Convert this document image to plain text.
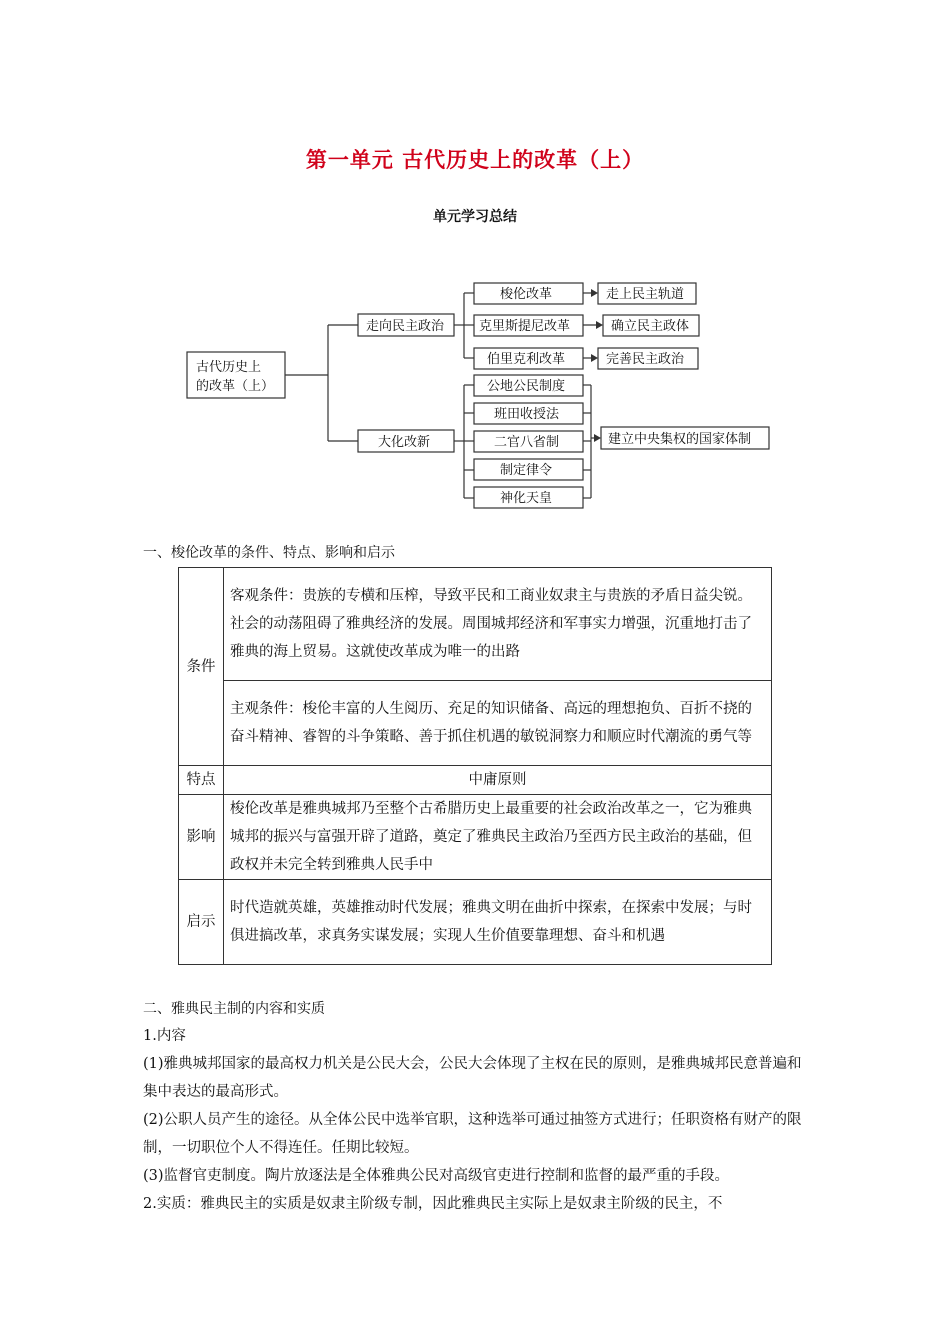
第一单元 古代历史上的改革（上）
单元学习总结
古代历史上
的改革（上）
走向民主政治
梭伦改革
克里斯提尼改革
伯里克利改革
走上民主轨道
确立民主政体
完善民主政治
大化改新
公地公民制度
班田收授法
二官八省制
制定律令
神化天皇
建立中央集权的国家体制
一、梭伦改革的条件、特点、影响和启示
条件	客观条件：贵族的专横和压榨，导致平民和工商业奴隶主与贵族的矛盾日益尖锐。社会的动荡阻碍了雅典经济的发展。周围城邦经济和军事实力增强，沉重地打击了雅典的海上贸易。这就使改革成为唯一的出路
	主观条件：梭伦丰富的人生阅历、充足的知识储备、高远的理想抱负、百折不挠的奋斗精神、睿智的斗争策略、善于抓住机遇的敏锐洞察力和顺应时代潮流的勇气等
特点	中庸原则
影响	梭伦改革是雅典城邦乃至整个古希腊历史上最重要的社会政治改革之一，它为雅典城邦的振兴与富强开辟了道路，奠定了雅典民主政治乃至西方民主政治的基础，但政权并未完全转到雅典人民手中
启示	时代造就英雄，英雄推动时代发展；雅典文明在曲折中探索，在探索中发展；与时俱进搞改革，求真务实谋发展；实现人生价值要靠理想、奋斗和机遇
二、雅典民主制的内容和实质
1.内容
(1)雅典城邦国家的最高权力机关是公民大会，公民大会体现了主权在民的原则，是雅典城邦民意普遍和集中表达的最高形式。
(2)公职人员产生的途径。从全体公民中选举官职，这种选举可通过抽签方式进行；任职资格有财产的限制，一切职位个人不得连任。任期比较短。
(3)监督官吏制度。陶片放逐法是全体雅典公民对高级官吏进行控制和监督的最严重的手段。
2.实质：雅典民主的实质是奴隶主阶级专制，因此雅典民主实际上是奴隶主阶级的民主，不
